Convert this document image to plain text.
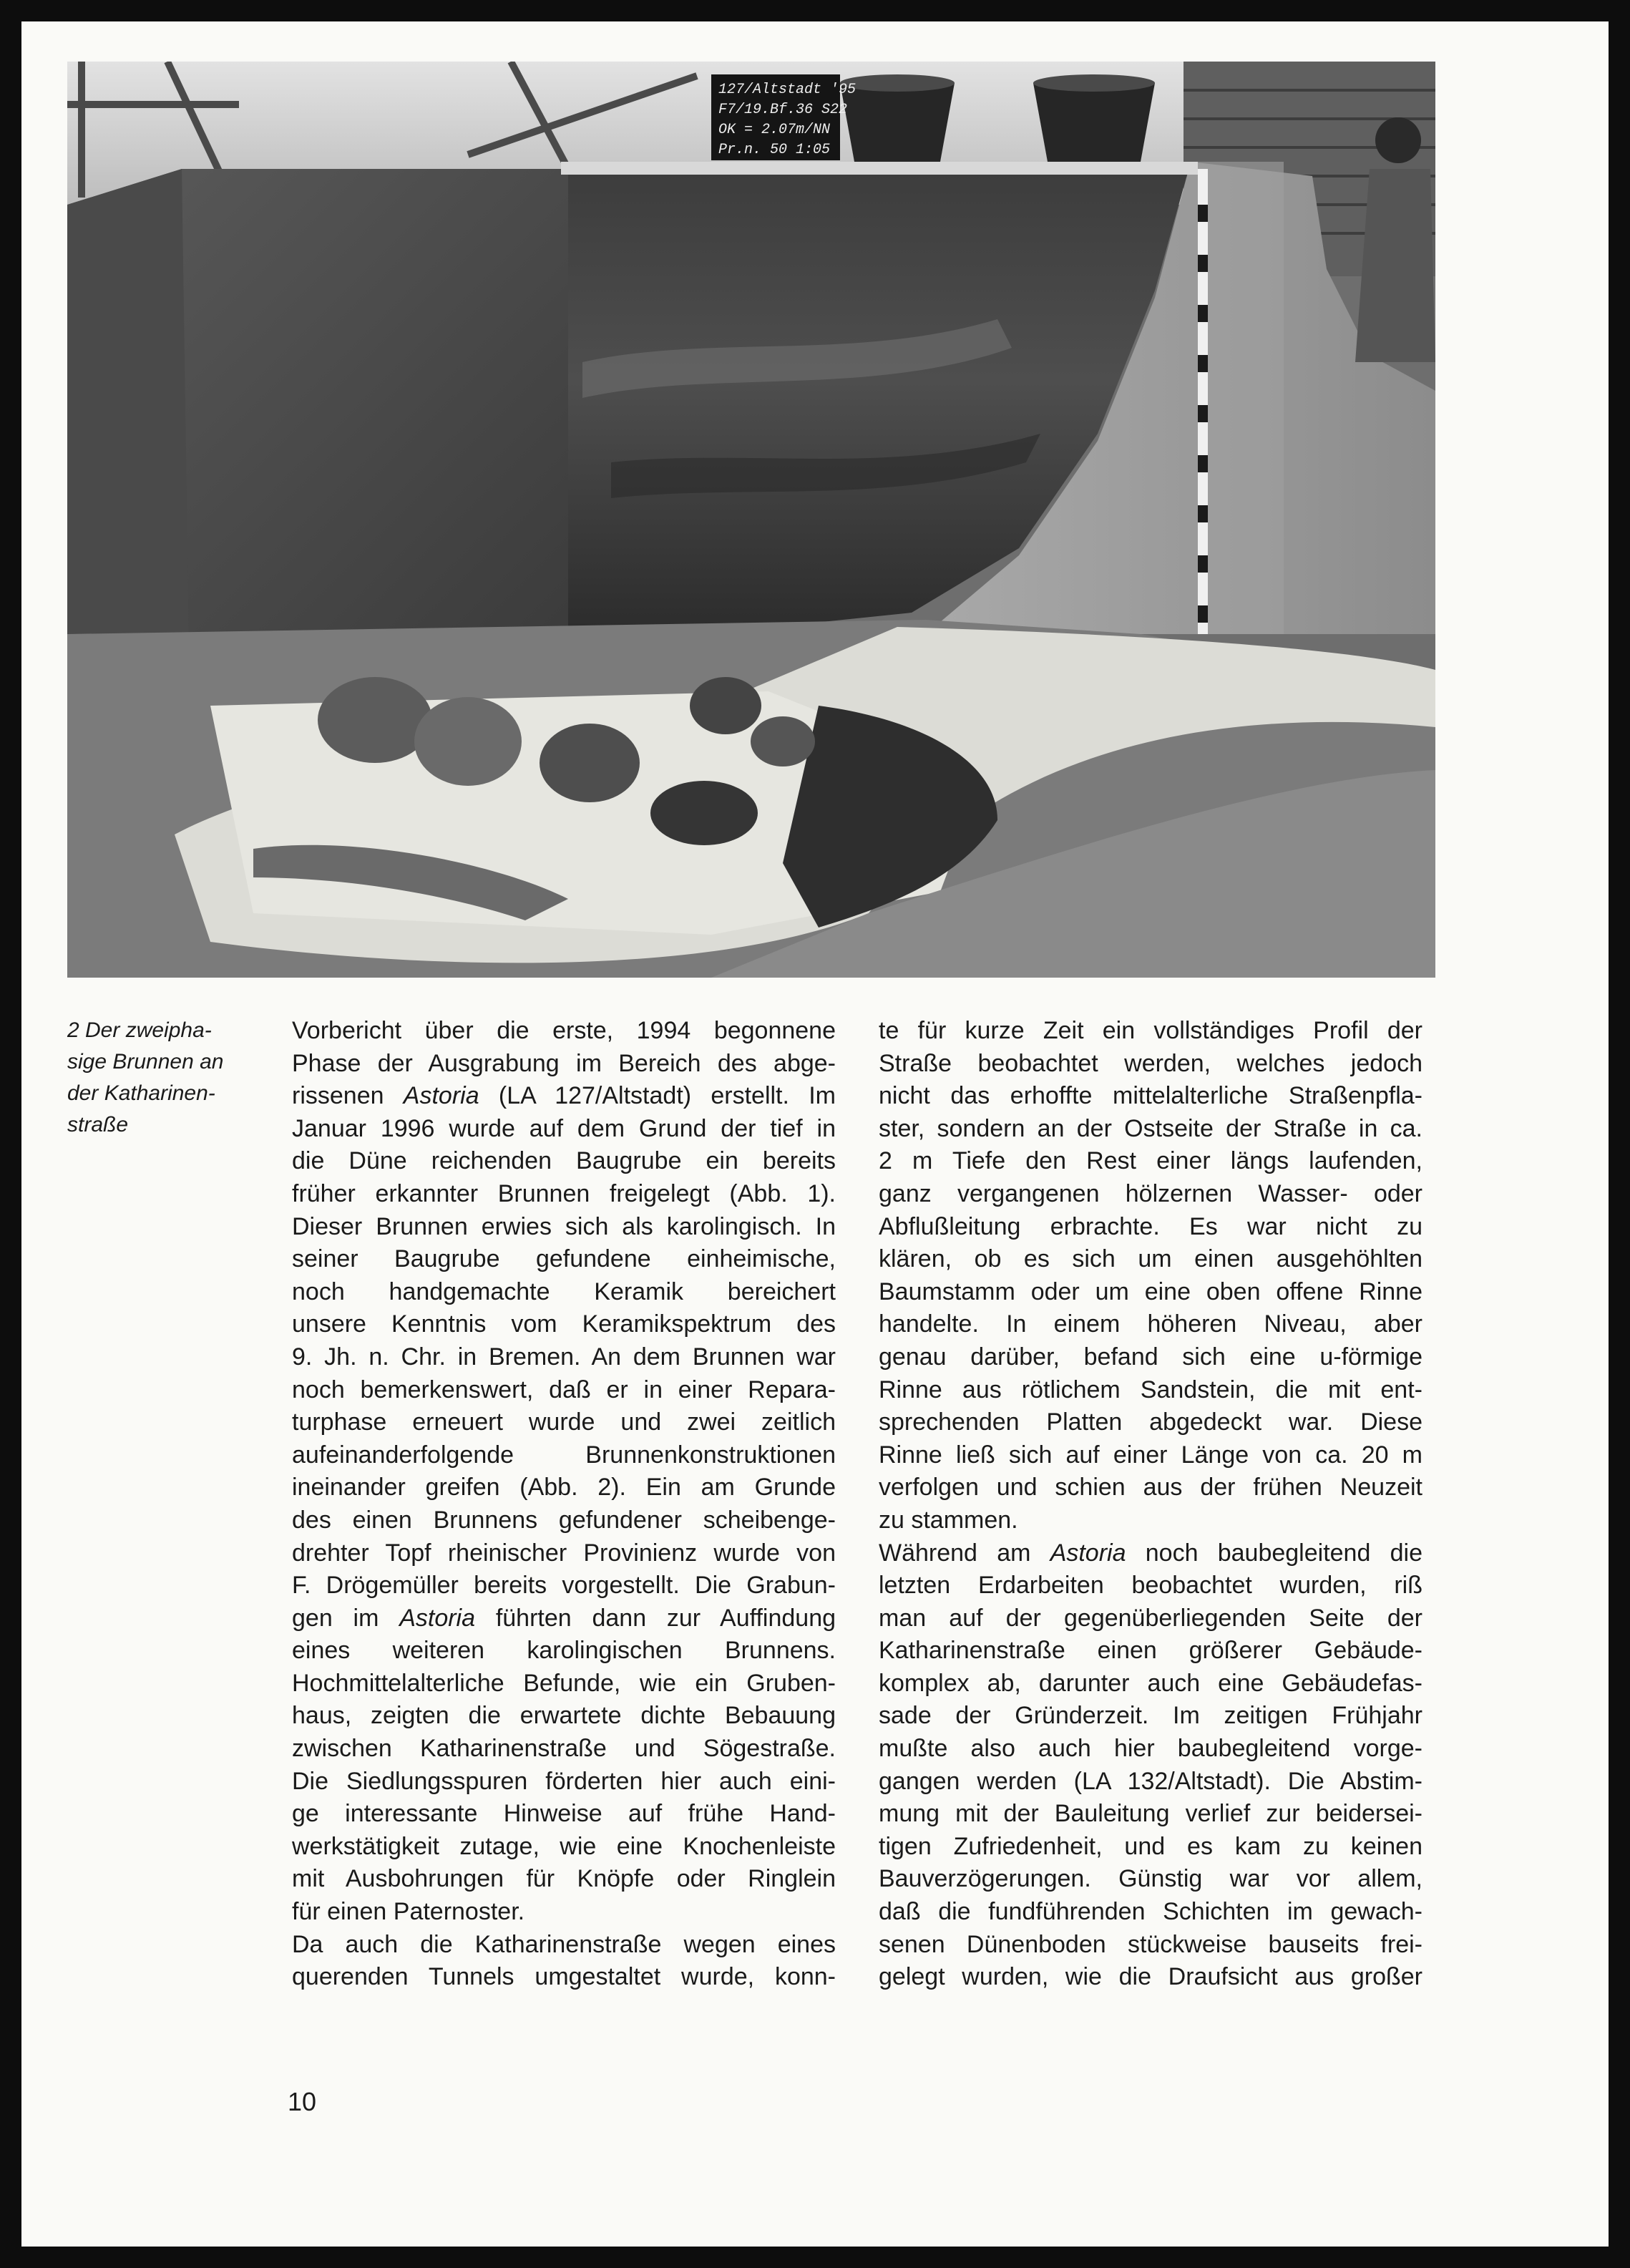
127/Altstadt '95
F7/19.Bf.36 S22
OK = 2.07m/NN
Pr.n. 50 1:05
2 Der zweipha-
sige Brunnen an
der Katharinen-
straße
Vorbericht über die erste, 1994 begonnene
Phase der Ausgrabung im Bereich des abge-
rissenen Astoria (LA 127/Altstadt) erstellt. Im
Januar 1996 wurde auf dem Grund der tief in
die Düne reichenden Baugrube ein bereits
früher erkannter Brunnen freigelegt (Abb. 1).
Dieser Brunnen erwies sich als karolingisch. In
seiner Baugrube gefundene einheimische,
noch handgemachte Keramik bereichert
unsere Kenntnis vom Keramikspektrum des
9. Jh. n. Chr. in Bremen. An dem Brunnen war
noch bemerkenswert, daß er in einer Repara-
turphase erneuert wurde und zwei zeitlich
aufeinanderfolgende Brunnenkonstruktionen
ineinander greifen (Abb. 2). Ein am Grunde
des einen Brunnens gefundener scheibenge-
drehter Topf rheinischer Provinienz wurde von
F. Drögemüller bereits vorgestellt. Die Grabun-
gen im Astoria führten dann zur Auffindung
eines weiteren karolingischen Brunnens.
Hochmittelalterliche Befunde, wie ein Gruben-
haus, zeigten die erwartete dichte Bebauung
zwischen Katharinenstraße und Sögestraße.
Die Siedlungsspuren förderten hier auch eini-
ge interessante Hinweise auf frühe Hand-
werkstätigkeit zutage, wie eine Knochenleiste
mit Ausbohrungen für Knöpfe oder Ringlein
für einen Paternoster.
Da auch die Katharinenstraße wegen eines
querenden Tunnels umgestaltet wurde, konn-
te für kurze Zeit ein vollständiges Profil der
Straße beobachtet werden, welches jedoch
nicht das erhoffte mittelalterliche Straßenpfla-
ster, sondern an der Ostseite der Straße in ca.
2 m Tiefe den Rest einer längs laufenden,
ganz vergangenen hölzernen Wasser- oder
Abflußleitung erbrachte. Es war nicht zu
klären, ob es sich um einen ausgehöhlten
Baumstamm oder um eine oben offene Rinne
handelte. In einem höheren Niveau, aber
genau darüber, befand sich eine u-förmige
Rinne aus rötlichem Sandstein, die mit ent-
sprechenden Platten abgedeckt war. Diese
Rinne ließ sich auf einer Länge von ca. 20 m
verfolgen und schien aus der frühen Neuzeit
zu stammen.
Während am Astoria noch baubegleitend die
letzten Erdarbeiten beobachtet wurden, riß
man auf der gegenüberliegenden Seite der
Katharinenstraße einen größerer Gebäude-
komplex ab, darunter auch eine Gebäudefas-
sade der Gründerzeit. Im zeitigen Frühjahr
mußte also auch hier baubegleitend vorge-
gangen werden (LA 132/Altstadt). Die Abstim-
mung mit der Bauleitung verlief zur beidersei-
tigen Zufriedenheit, und es kam zu keinen
Bauverzögerungen. Günstig war vor allem,
daß die fundführenden Schichten im gewach-
senen Dünenboden stückweise bauseits frei-
gelegt wurden, wie die Draufsicht aus großer
10
